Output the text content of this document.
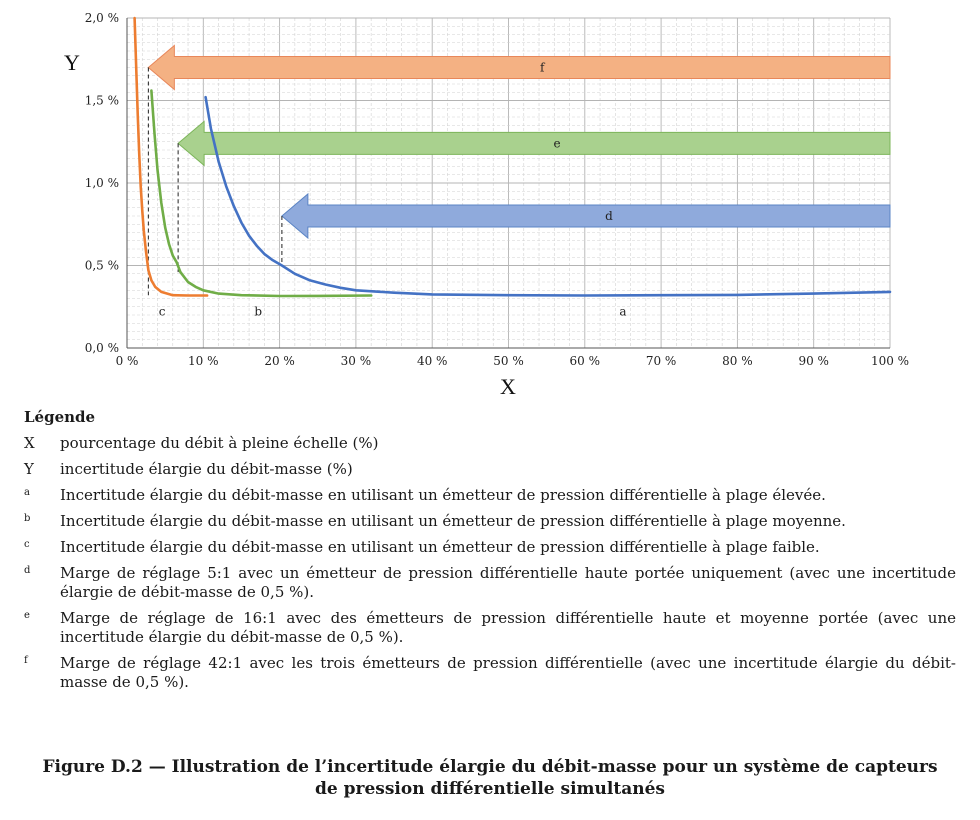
0 %	10 %	20 %	30 %	40 %	50 %	60 %	70 %	80 %	90 %	100 %
0,0 %
0,5 %
1,0 %
1,5 %
2,0 %
f
e
d
c	b	a
X
Y
Légende
X	pourcentage du débit à pleine échelle (%)
Y	incertitude élargie du débit-masse (%)
a	Incertitude élargie du débit-masse en utilisant un émetteur de pression différentielle à plage élevée.
b	Incertitude élargie du débit-masse en utilisant un émetteur de pression différentielle à plage moyenne.
c	Incertitude élargie du débit-masse en utilisant un émetteur de pression différentielle à plage faible.
d	Marge de réglage 5:1 avec un émetteur de pression différentielle haute portée uniquement (avec une incertitude élargie de débit-masse de 0,5 %).
e	Marge de réglage de 16:1 avec des émetteurs de pression différentielle haute et moyenne portée (avec une incertitude élargie du débit-masse de 0,5 %).
f	Marge de réglage 42:1 avec les trois émetteurs de pression différentielle (avec une incertitude élargie du débit-masse de 0,5 %).
Figure D.2 — Illustration de l’incertitude élargie du débit-masse pour un système de capteurs
de pression différentielle simultanés
